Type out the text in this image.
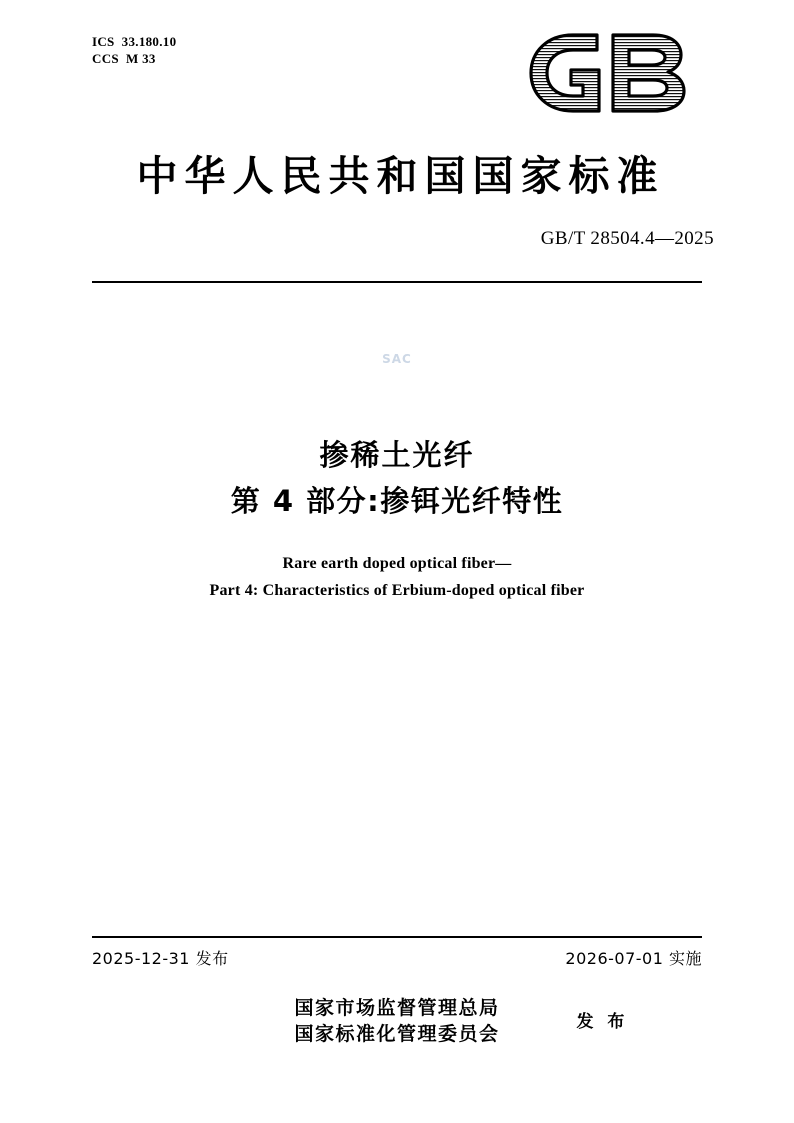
ICS  33.180.10
CCS  M 33
中华人民共和国国家标准
GB/T 28504.4—2025
SAC
掺稀土光纤
第 4 部分:掺铒光纤特性
Rare earth doped optical fiber—
Part 4: Characteristics of Erbium-doped optical fiber
2025-12-31 发布	2026-07-01 实施
国家市场监督管理总局
国家标准化管理委员会
发 布
